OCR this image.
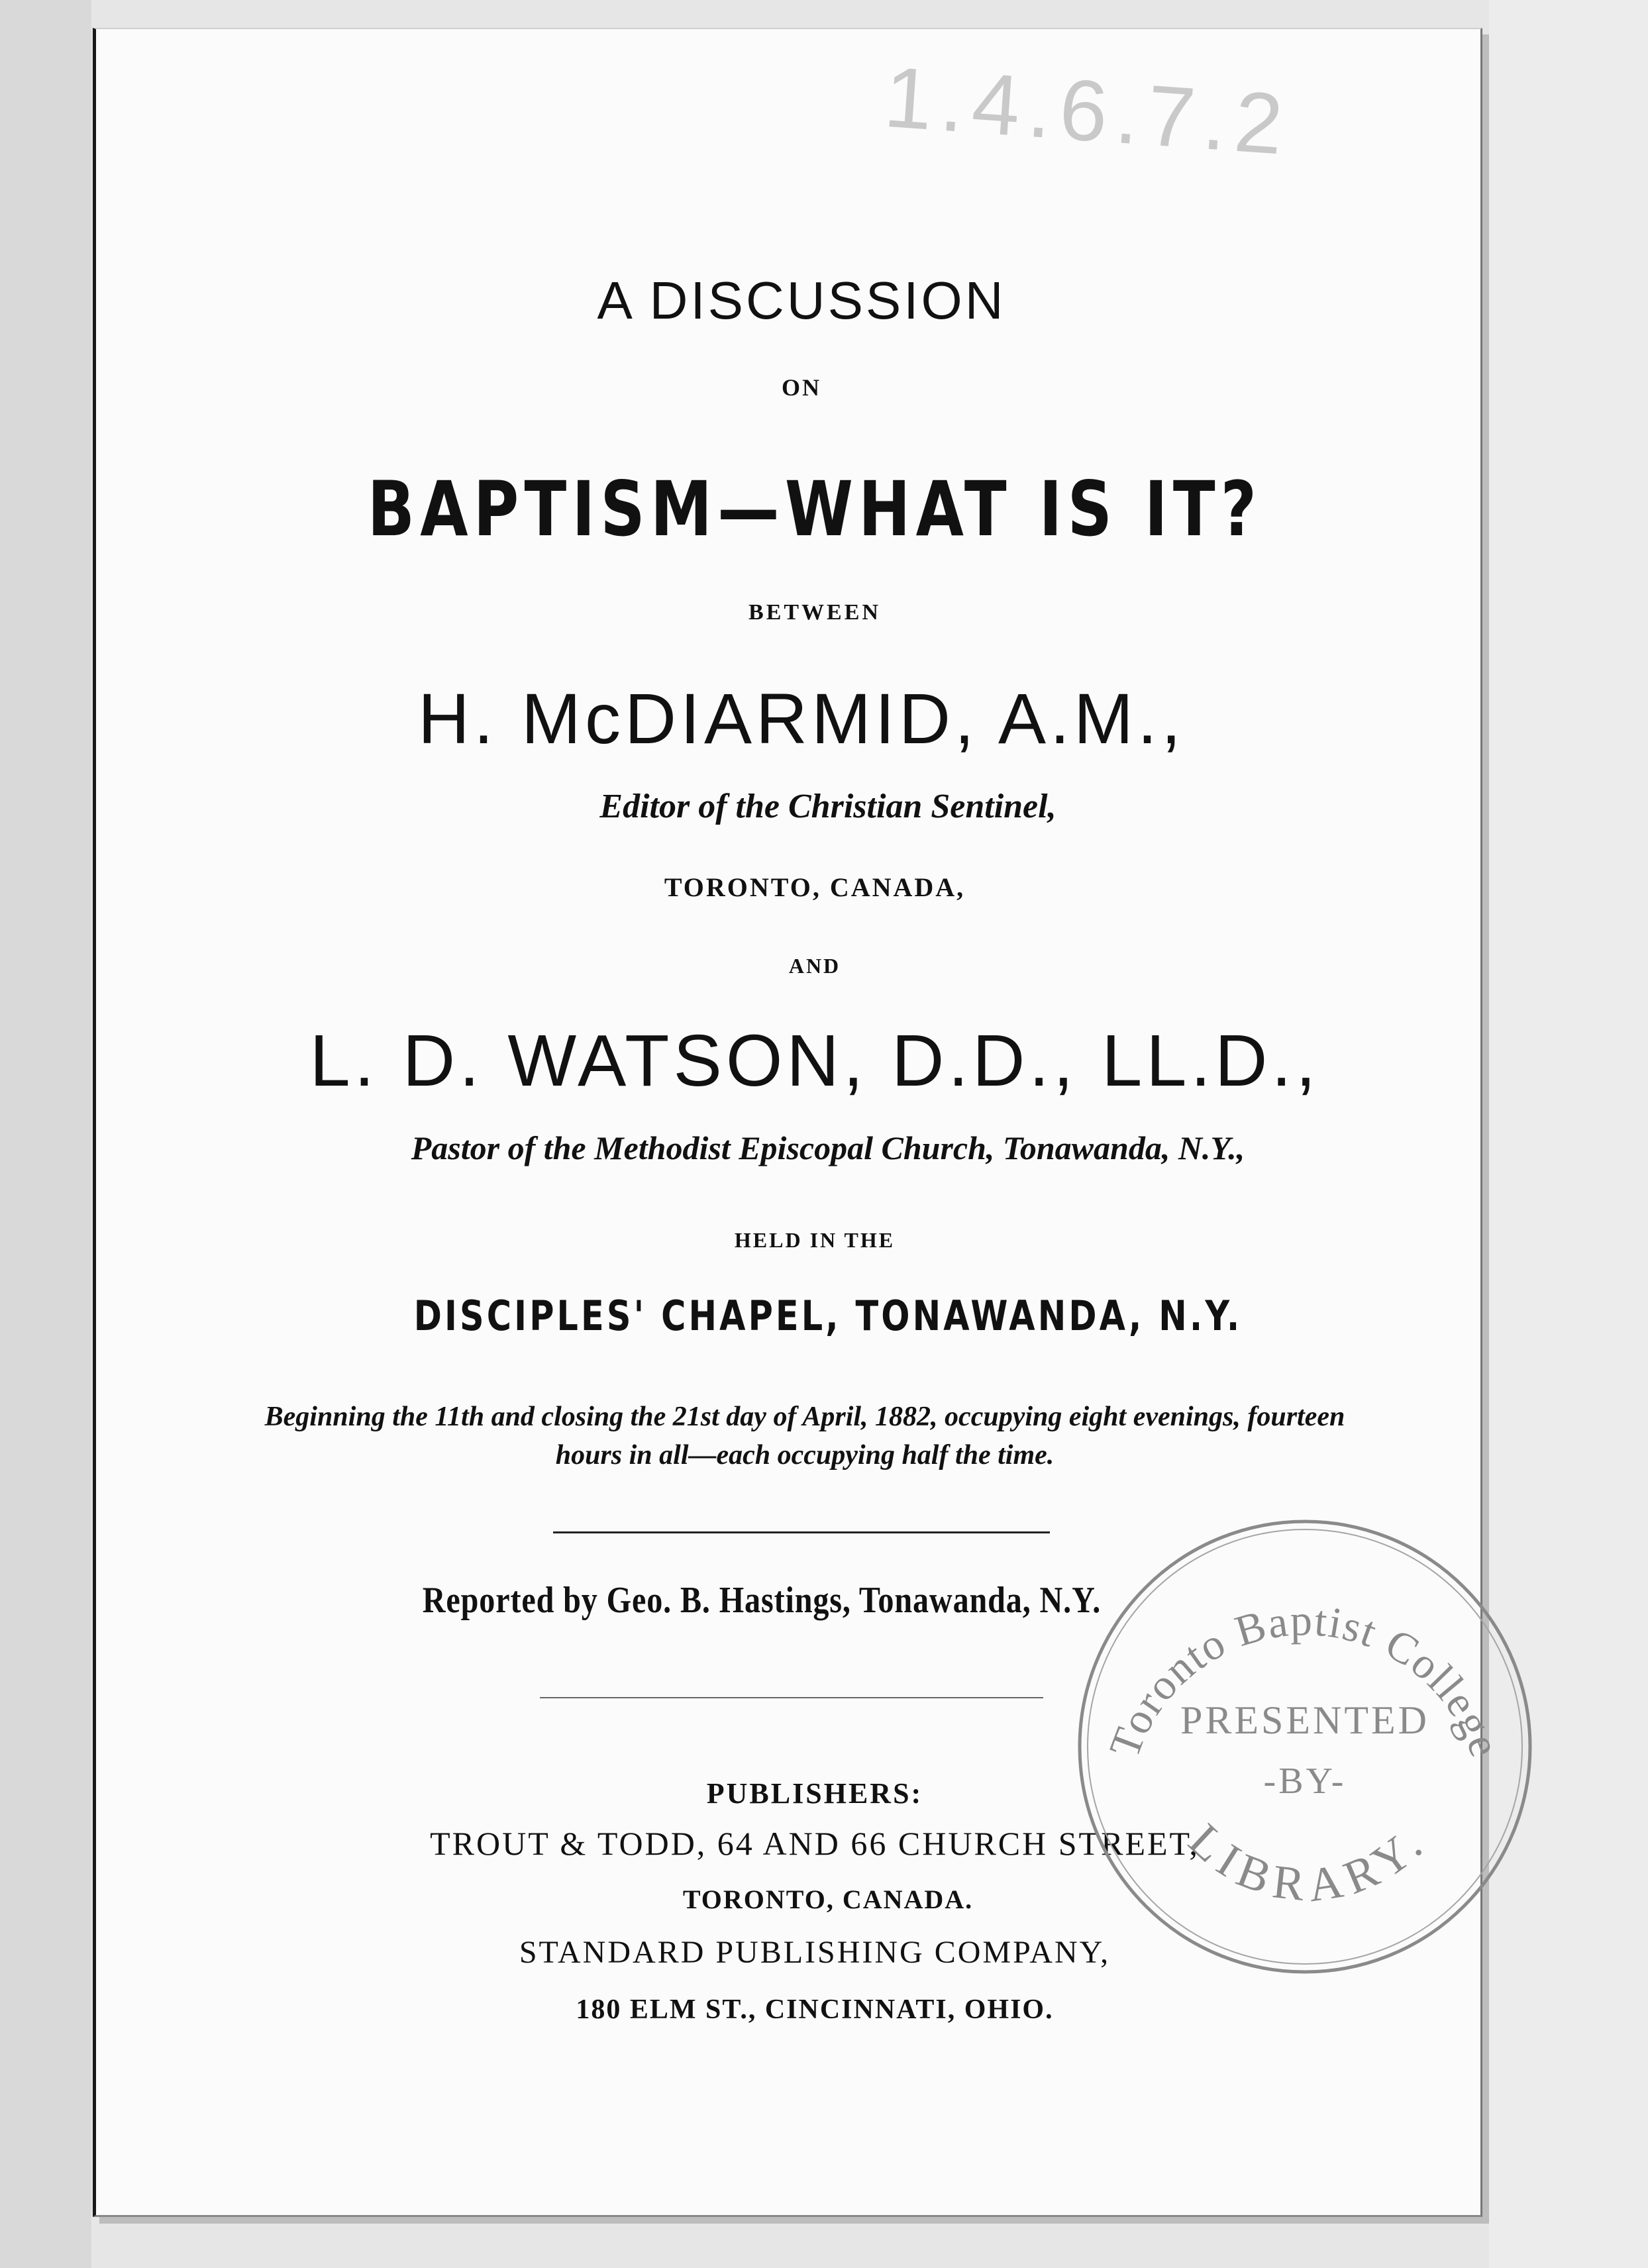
1.4.6.7.2

A DISCUSSION

ON

BAPTISM—WHAT IS IT?

BETWEEN

H. McDIARMID, A.M.,

Editor of the Christian Sentinel,

TORONTO, CANADA,

AND

L. D. WATSON, D.D., LL.D.,

Pastor of the Methodist Episcopal Church, Tonawanda, N.Y.,

HELD IN THE

DISCIPLES' CHAPEL, TONAWANDA, N.Y.

Beginning the 11th and closing the 21st day of April, 1882, occupying eight evenings, fourteen hours in all—each occupying half the time.

Reported by Geo. B. Hastings, Tonawanda, N.Y.

PUBLISHERS:

TROUT & TODD, 64 AND 66 CHURCH STREET,

TORONTO, CANADA.

STANDARD PUBLISHING COMPANY,

180 ELM ST., CINCINNATI, OHIO.

Toronto Baptist College
PRESENTED
-BY-
LIBRARY.
